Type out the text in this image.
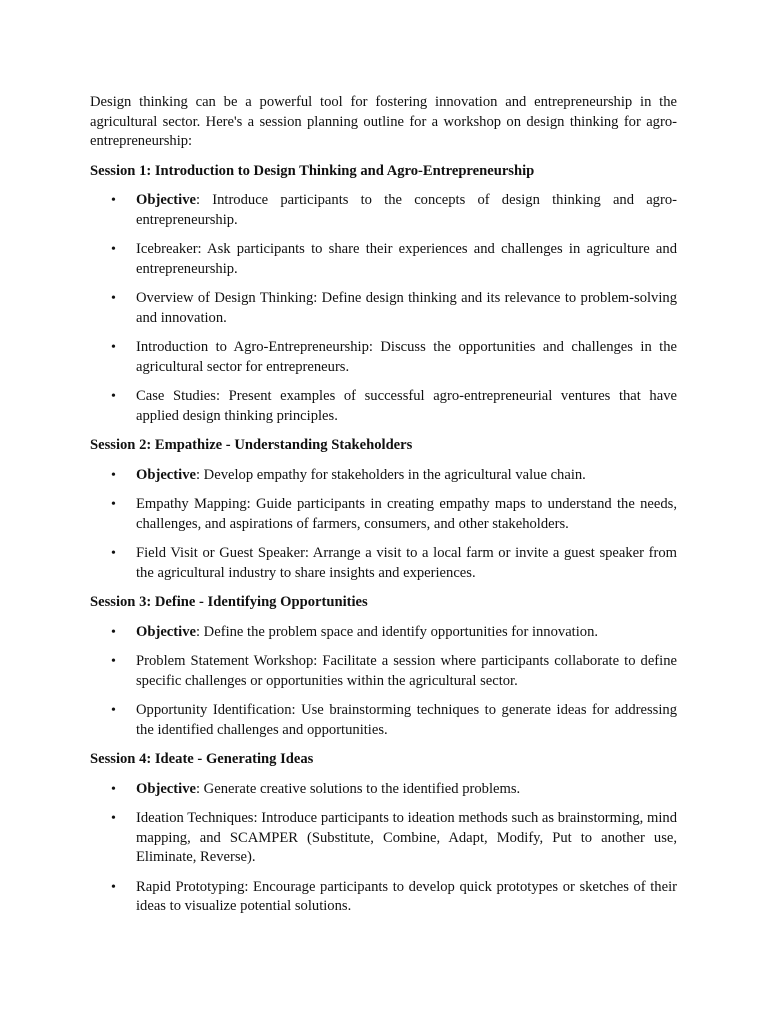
Design thinking can be a powerful tool for fostering innovation and entrepreneurship in the agricultural sector. Here's a session planning outline for a workshop on design thinking for agro-entrepreneurship:

Session 1: Introduction to Design Thinking and Agro-Entrepreneurship

• Objective: Introduce participants to the concepts of design thinking and agro-entrepreneurship.
• Icebreaker: Ask participants to share their experiences and challenges in agriculture and entrepreneurship.
• Overview of Design Thinking: Define design thinking and its relevance to problem-solving and innovation.
• Introduction to Agro-Entrepreneurship: Discuss the opportunities and challenges in the agricultural sector for entrepreneurs.
• Case Studies: Present examples of successful agro-entrepreneurial ventures that have applied design thinking principles.

Session 2: Empathize - Understanding Stakeholders

• Objective: Develop empathy for stakeholders in the agricultural value chain.
• Empathy Mapping: Guide participants in creating empathy maps to understand the needs, challenges, and aspirations of farmers, consumers, and other stakeholders.
• Field Visit or Guest Speaker: Arrange a visit to a local farm or invite a guest speaker from the agricultural industry to share insights and experiences.

Session 3: Define - Identifying Opportunities

• Objective: Define the problem space and identify opportunities for innovation.
• Problem Statement Workshop: Facilitate a session where participants collaborate to define specific challenges or opportunities within the agricultural sector.
• Opportunity Identification: Use brainstorming techniques to generate ideas for addressing the identified challenges and opportunities.

Session 4: Ideate - Generating Ideas

• Objective: Generate creative solutions to the identified problems.
• Ideation Techniques: Introduce participants to ideation methods such as brainstorming, mind mapping, and SCAMPER (Substitute, Combine, Adapt, Modify, Put to another use, Eliminate, Reverse).
• Rapid Prototyping: Encourage participants to develop quick prototypes or sketches of their ideas to visualize potential solutions.
